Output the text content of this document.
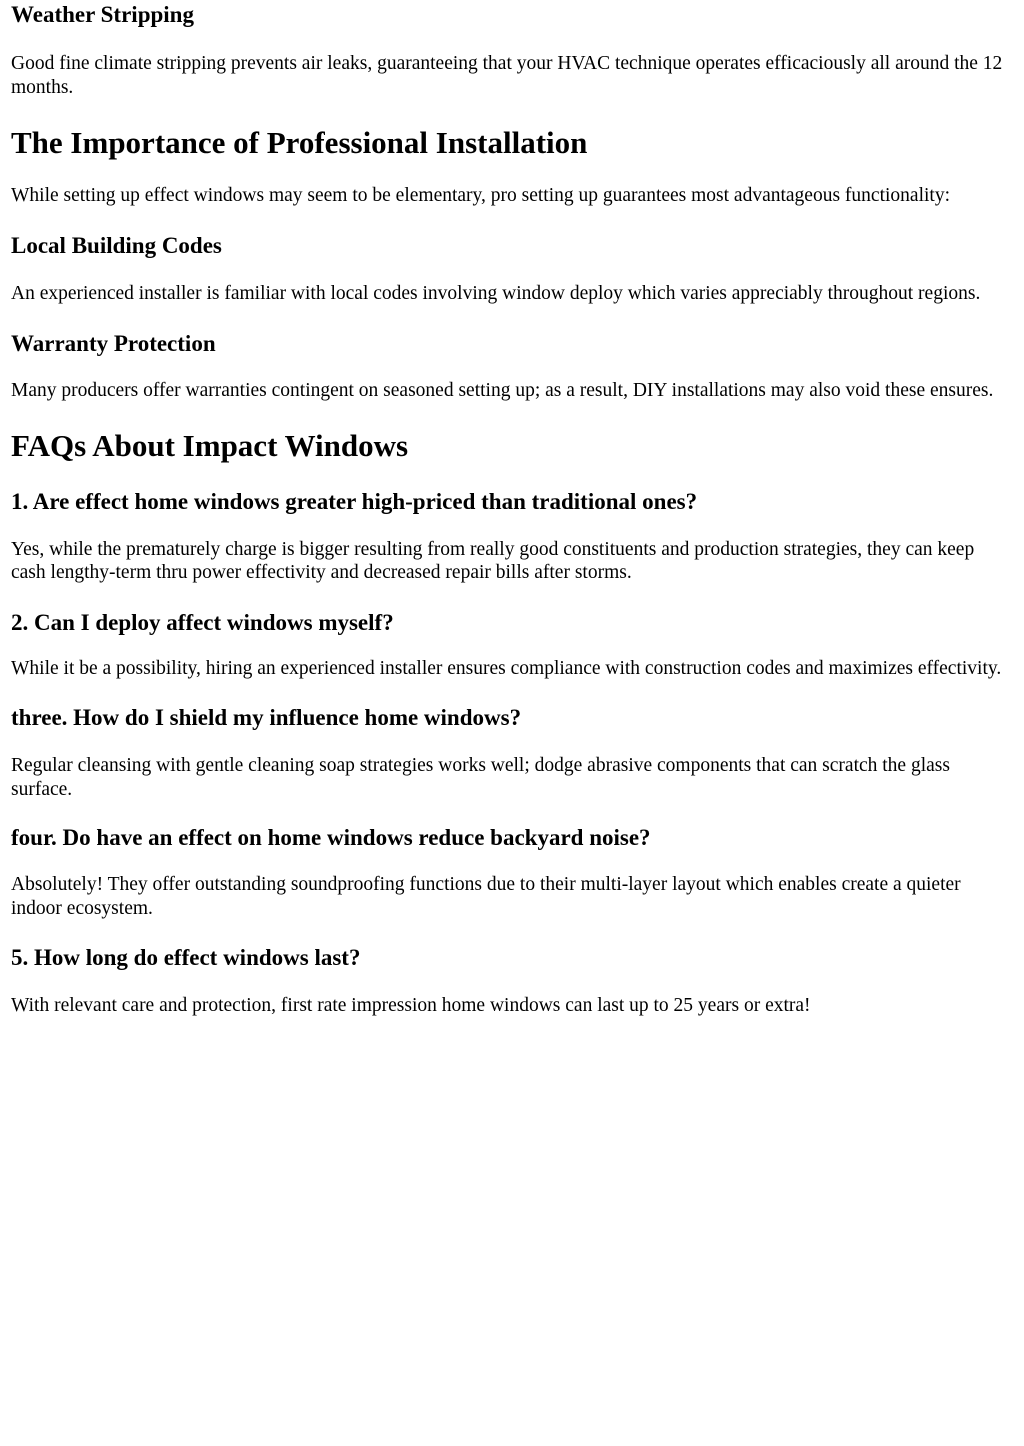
Weather Stripping

Good fine climate stripping prevents air leaks, guaranteeing that your HVAC technique operates efficaciously all around the 12 months.

The Importance of Professional Installation

While setting up effect windows may seem to be elementary, pro setting up guarantees most advantageous functionality:

Local Building Codes

An experienced installer is familiar with local codes involving window deploy which varies appreciably throughout regions.

Warranty Protection

Many producers offer warranties contingent on seasoned setting up; as a result, DIY installations may also void these ensures.

FAQs About Impact Windows
1. Are effect home windows greater high-priced than traditional ones?

Yes, while the prematurely charge is bigger resulting from really good constituents and production strategies, they can keep cash lengthy-term thru power effectivity and decreased repair bills after storms.

2. Can I deploy affect windows myself?

While it be a possibility, hiring an experienced installer ensures compliance with construction codes and maximizes effectivity.

three. How do I shield my influence home windows?

Regular cleansing with gentle cleaning soap strategies works well; dodge abrasive components that can scratch the glass surface.

four. Do have an effect on home windows reduce backyard noise?

Absolutely! They offer outstanding soundproofing functions due to their multi-layer layout which enables create a quieter indoor ecosystem.

5. How long do effect windows last?

With relevant care and protection, first rate impression home windows can last up to 25 years or extra!
